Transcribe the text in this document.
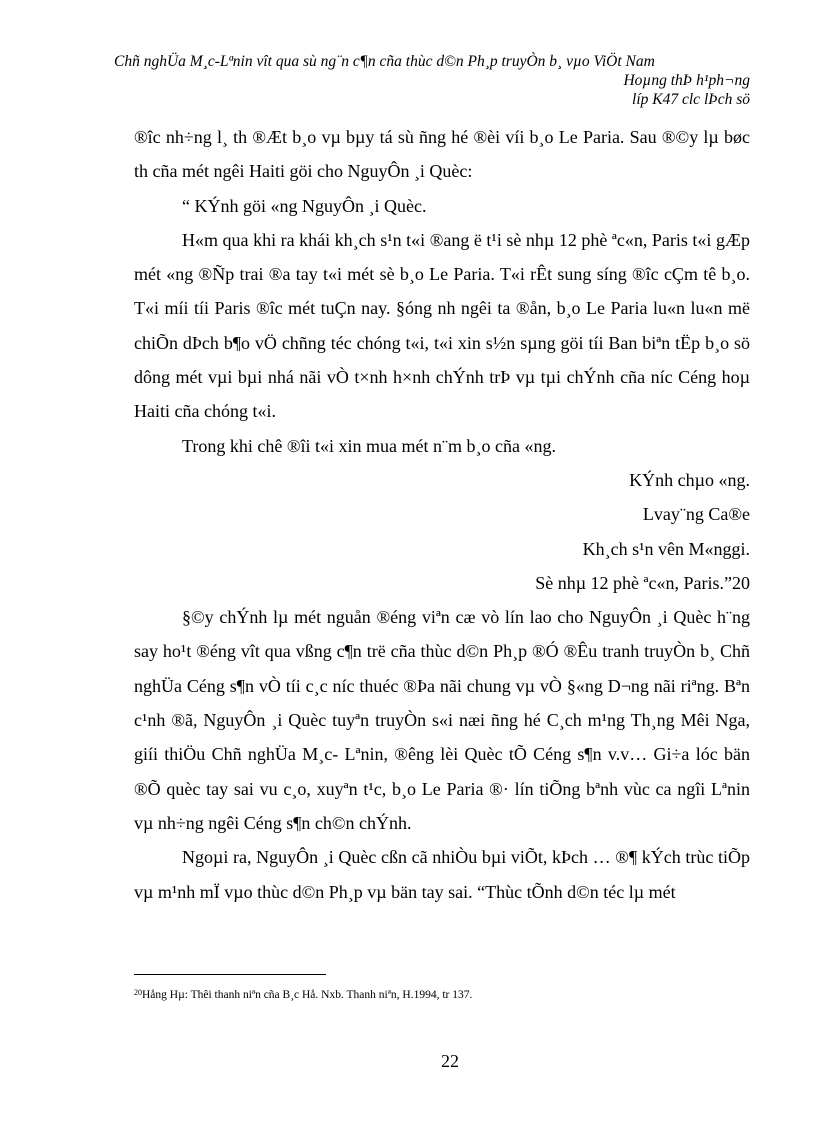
Chñ nghÜa M¸c-Lªnin vît qua sù ng¨n c¶n cña thùc d©n Ph¸p truyÒn b¸ vµo ViÖt Nam
Hoµng thÞ h¹ph¬ng
líp K47 clc lÞch sö

®îc nh÷ng l¸ th ®Æt b¸o vµ bµy tá sù ñng hé ®èi víi b¸o Le Paria. Sau ®©y lµ bøc th cña mét ngêi Haiti göi cho NguyÔn ¸i Quèc:

“ KÝnh göi «ng NguyÔn ¸i Quèc.

H«m qua khi ra khái kh¸ch s¹n t«i ®ang ë t¹i sè nhµ 12 phè ªc«n, Paris t«i gÆp mét «ng ®Ñp trai ®a tay t«i mét sè b¸o Le Paria. T«i rÊt sung síng ®îc cÇm tê b¸o. T«i míi tíi Paris ®îc mét tuÇn nay. §óng nh ngêi ta ®ån, b¸o Le Paria lu«n lu«n më chiÕn dÞch b¶o vÖ chñng téc chóng t«i, t«i xin s½n sµng göi tíi Ban biªn tËp b¸o sö dông mét vµi bµi nhá nãi vÒ t×nh h×nh chÝnh trÞ vµ tµi chÝnh cña níc Céng hoµ Haiti cña chóng t«i.

Trong khi chê ®îi t«i xin mua mét n¨m b¸o cña «ng.

KÝnh chµo «ng.

Lvay¨ng Ca®e

Kh¸ch s¹n vên M«nggi.

Sè nhµ 12 phè ªc«n, Paris.”20

§©y chÝnh lµ mét nguån ®éng viªn cæ vò lín lao cho NguyÔn ¸i Quèc h¨ng say ho¹t ®éng vît qua vßng c¶n trë cña thùc d©n Ph¸p ®Ó ®Êu tranh truyÒn b¸ Chñ nghÜa Céng s¶n vÒ tíi c¸c níc thuéc ®Þa nãi chung vµ vÒ §«ng D¬ng nãi riªng. Bªn c¹nh ®ã, NguyÔn ¸i Quèc tuyªn truyÒn s«i næi ñng hé C¸ch m¹ng Th¸ng Mêi Nga, giíi thiÖu Chñ nghÜa M¸c- Lªnin, ®êng lèi Quèc tÕ Céng s¶n v.v… Gi÷a lóc bän ®Õ quèc tay sai vu c¸o, xuyªn t¹c, b¸o Le Paria ®· lín tiÕng bªnh vùc ca ngîi Lªnin vµ nh÷ng ngêi Céng s¶n ch©n chÝnh.

Ngoµi ra, NguyÔn ¸i Quèc cßn cã nhiÒu bµi viÕt, kÞch … ®¶ kÝch trùc tiÕp vµ m¹nh mÏ vµo thùc d©n Ph¸p vµ bän tay sai. “Thùc tÕnh d©n téc lµ mét

$^{20}$Hång Hµ: Thêi thanh niªn cña B¸c Hå. Nxb. Thanh niªn, H.1994, tr 137.
22
